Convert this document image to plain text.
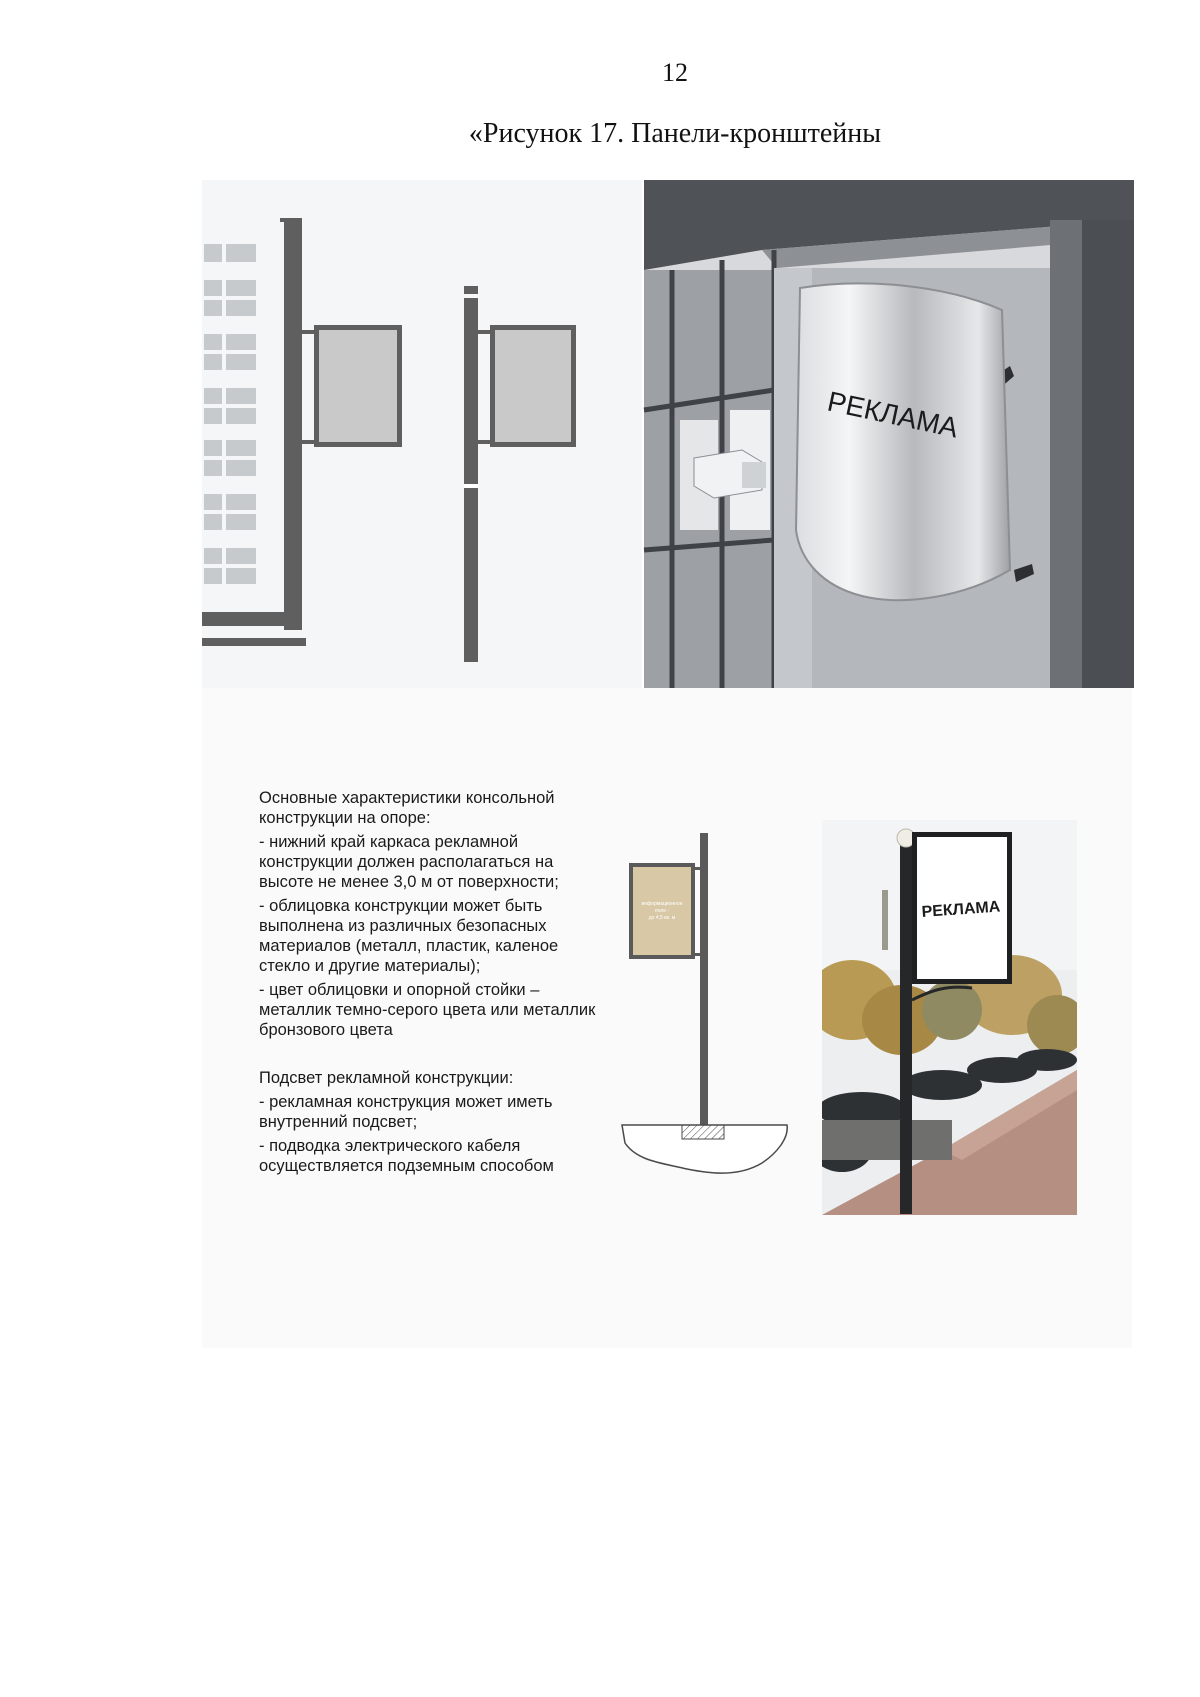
12
«Рисунок 17. Панели-кронштейны
РЕКЛАМА

Основные характеристики консольной конструкции на опоре:

- нижний край каркаса рекламной конструкции должен располагаться на высоте не менее 3,0 м от поверхности;

- облицовка конструкции может быть выполнена из различных безопасных материалов (металл, пластик, каленое стекло и другие материалы);

- цвет облицовки и опорной стойки – металлик темно-серого цвета или металлик бронзового цвета

Подсвет рекламной конструкции:

- рекламная конструкция может иметь внутренний подсвет;

- подводка электрического кабеля осуществляется подземным способом

информационное
поле -
до 4,5 кв. м	РЕКЛАМА
